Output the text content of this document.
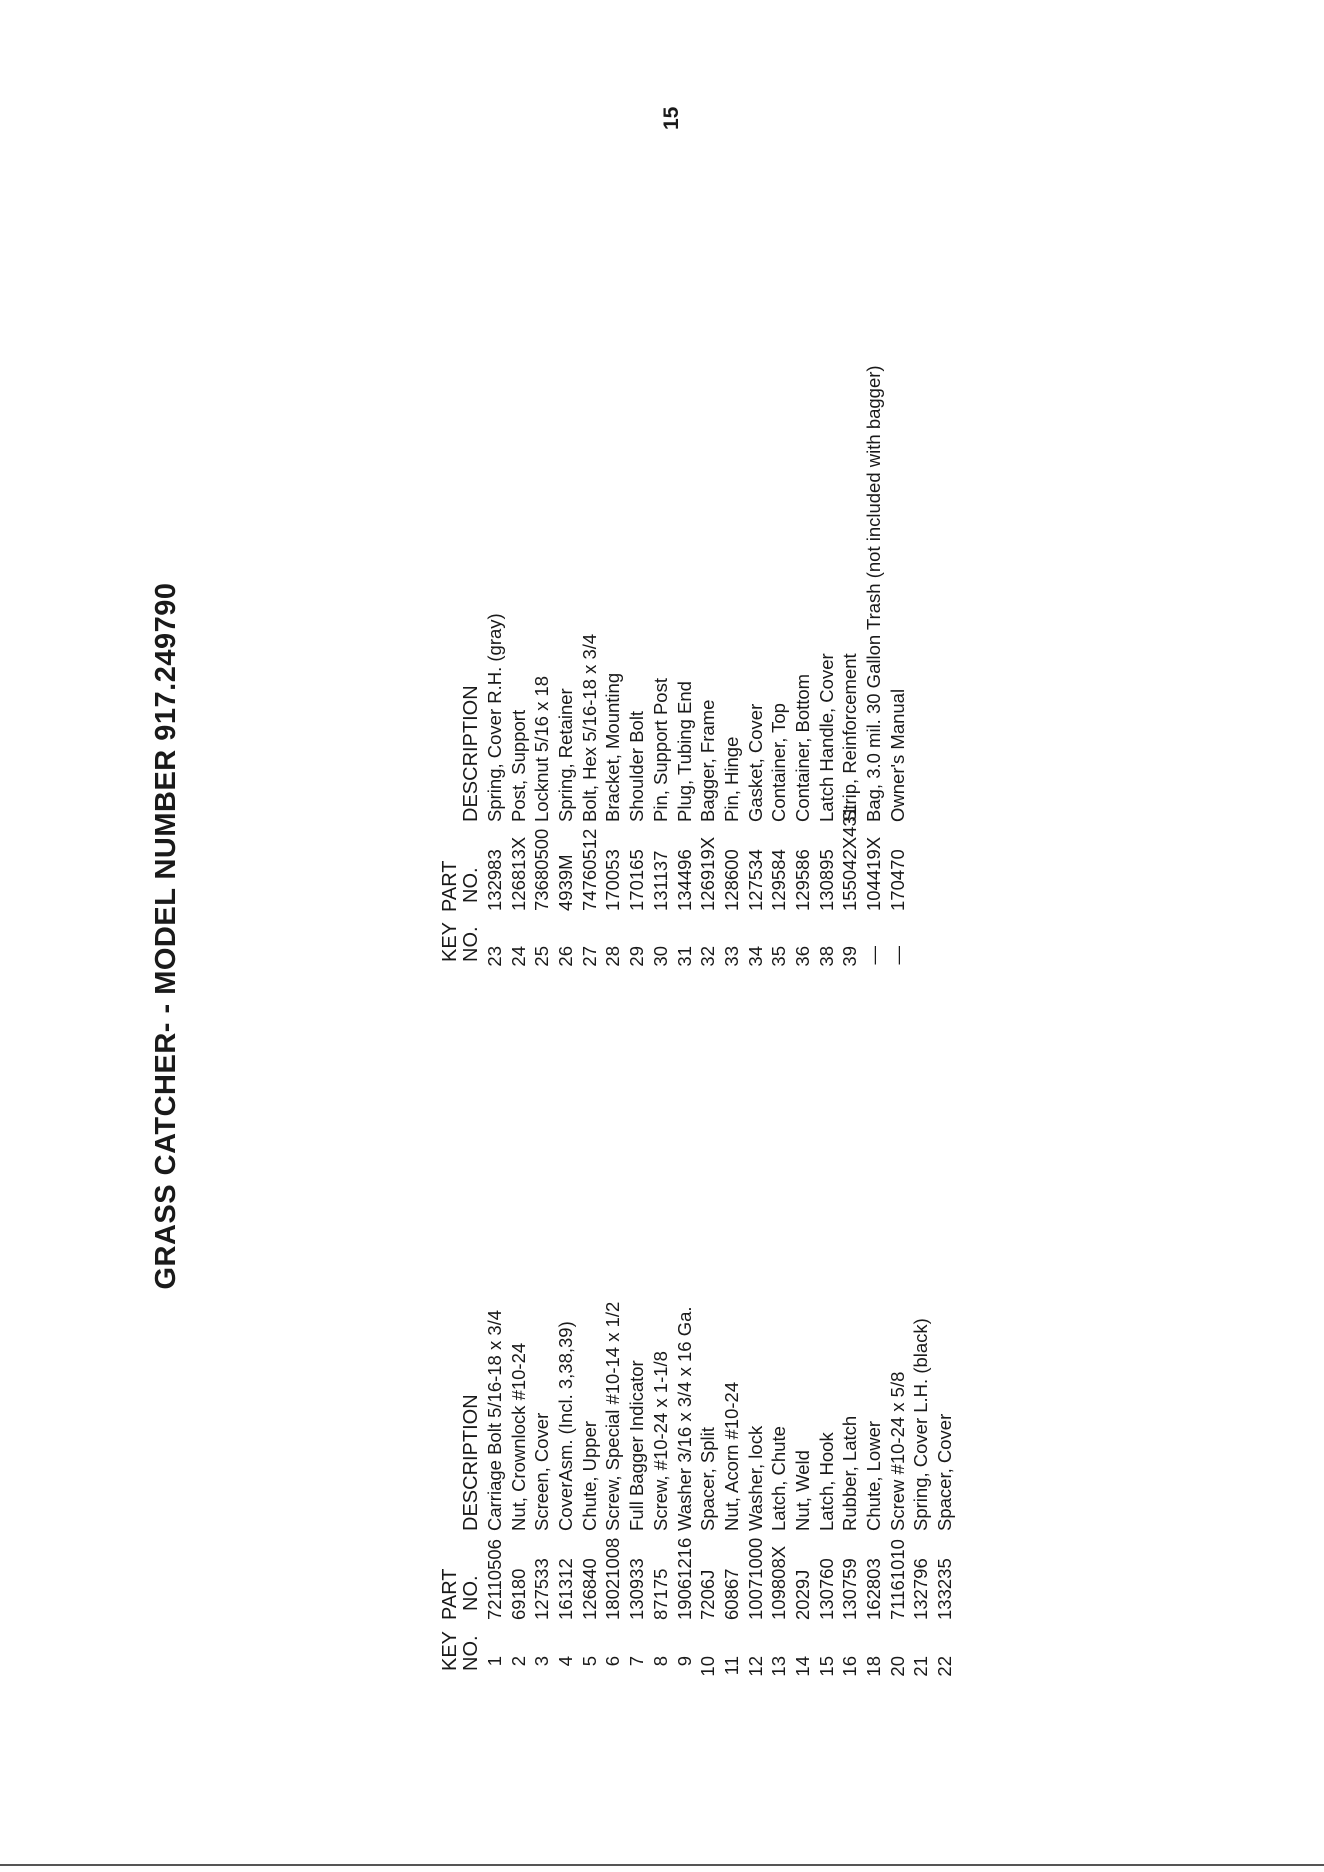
GRASS CATCHER- - MODEL NUMBER 917.249790
KEY NO.
PART NO.
DESCRIPTION
KEY NO.
PART NO.
DESCRIPTION
1
72110506
Carriage Bolt 5/16-18 x 3/4
2
69180
Nut, Crownlock #10-24
3
127533
Screen, Cover
4
161312
CoverAsm. (Incl. 3,38,39)
5
126840
Chute, Upper
6
18021008
Screw, Special #10-14 x 1/2
7
130933
Full Bagger Indicator
8
87175
Screw, #10-24 x 1-1/8
9
19061216
Washer 3/16 x 3/4 x 16 Ga.
10
7206J
Spacer, Split
11
60867
Nut, Acorn #10-24
12
10071000
Washer, lock
13
109808X
Latch, Chute
14
2029J
Nut, Weld
15
130760
Latch, Hook
16
130759
Rubber, Latch
18
162803
Chute, Lower
20
71161010
Screw #10-24 x 5/8
21
132796
Spring, Cover L.H. (black)
22
133235
Spacer, Cover
23
132983
Spring, Cover R.H. (gray)
24
126813X
Post, Support
25
73680500
Locknut 5/16 x 18
26
4939M
Spring, Retainer
27
74760512
Bolt, Hex 5/16-18 x 3/4
28
170053
Bracket, Mounting
29
170165
Shoulder Bolt
30
131137
Pin, Support Post
31
134496
Plug, Tubing End
32
126919X
Bagger, Frame
33
128600
Pin, Hinge
34
127534
Gasket, Cover
35
129584
Container, Top
36
129586
Container, Bottom
38
130895
Latch Handle, Cover
39
155042X431
Strip, Reinforcement
—
104419X
Bag, 3.0 mil. 30 Gallon Trash (not included with bagger)
—
170470
Owner's Manual
15
